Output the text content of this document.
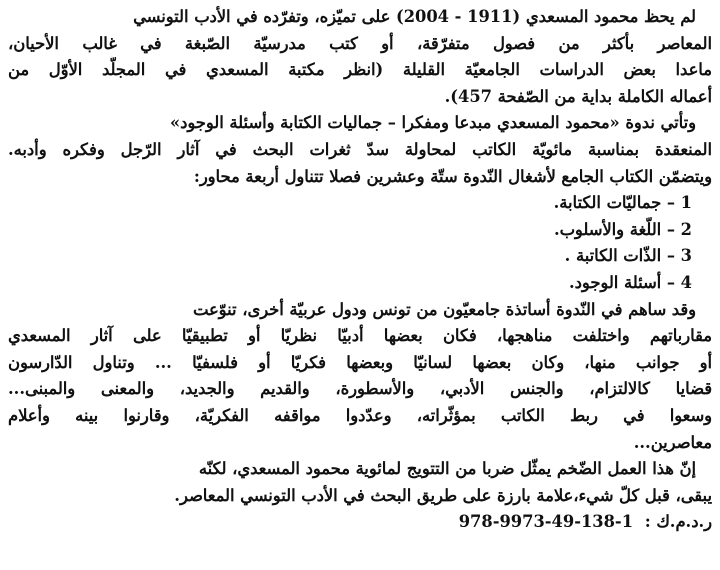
لم يحظ محمود المسعدي (1911 - 2004) على تميّزه، وتفرّده في الأدب التونسي
المعاصر بأكثر من فصول متفرّقة، أو كتب مدرسيّة الصّبغة في غالب الأحيان،
ماعدا بعض الدراسات الجامعيّة القليلة (انظر مكتبة المسعدي في المجلّد الأوّل من
أعماله الكاملة بداية من الصّفحة 457).
وتأتي ندوة «محمود المسعدي مبدعا ومفكرا – جماليات الكتابة وأسئلة الوجود»
المنعقدة بمناسبة مائويّة الكاتب لمحاولة سدّ ثغرات البحث في آثار الرّجل وفكره وأدبه.
ويتضمّن الكتاب الجامع لأشغال النّدوة ستّة وعشرين فصلا تتناول أربعة محاور:
1 – جماليّات الكتابة.
2 – اللّغة والأسلوب.
3 – الذّات الكاتبة .
4 – أسئلة الوجود.
وقد ساهم في النّدوة أساتذة جامعيّون من تونس ودول عربيّة أخرى، تنوّعت
مقارباتهم واختلفت مناهجها، فكان بعضها أدبيّا نظريّا أو تطبيقيّا على آثار المسعدي
أو جوانب منها، وكان بعضها لسانيّا وبعضها فكريّا أو فلسفيّا ... وتناول الدّارسون
قضايا كالالتزام، والجنس الأدبي، والأسطورة، والقديم والجديد، والمعنى والمبنى...
وسعوا في ربط الكاتب بمؤثّراته، وعدّدوا مواقفه الفكريّة، وقارنوا بينه وأعلام
معاصرين...
إنّ هذا العمل الضّخم يمثّل ضربا من التتويج لمائوية محمود المسعدي، لكنّه
يبقى، قبل كلّ شيء،علامة بارزة على طريق البحث في الأدب التونسي المعاصر.
ر.د.م.ك : 978-9973-49-138-1
